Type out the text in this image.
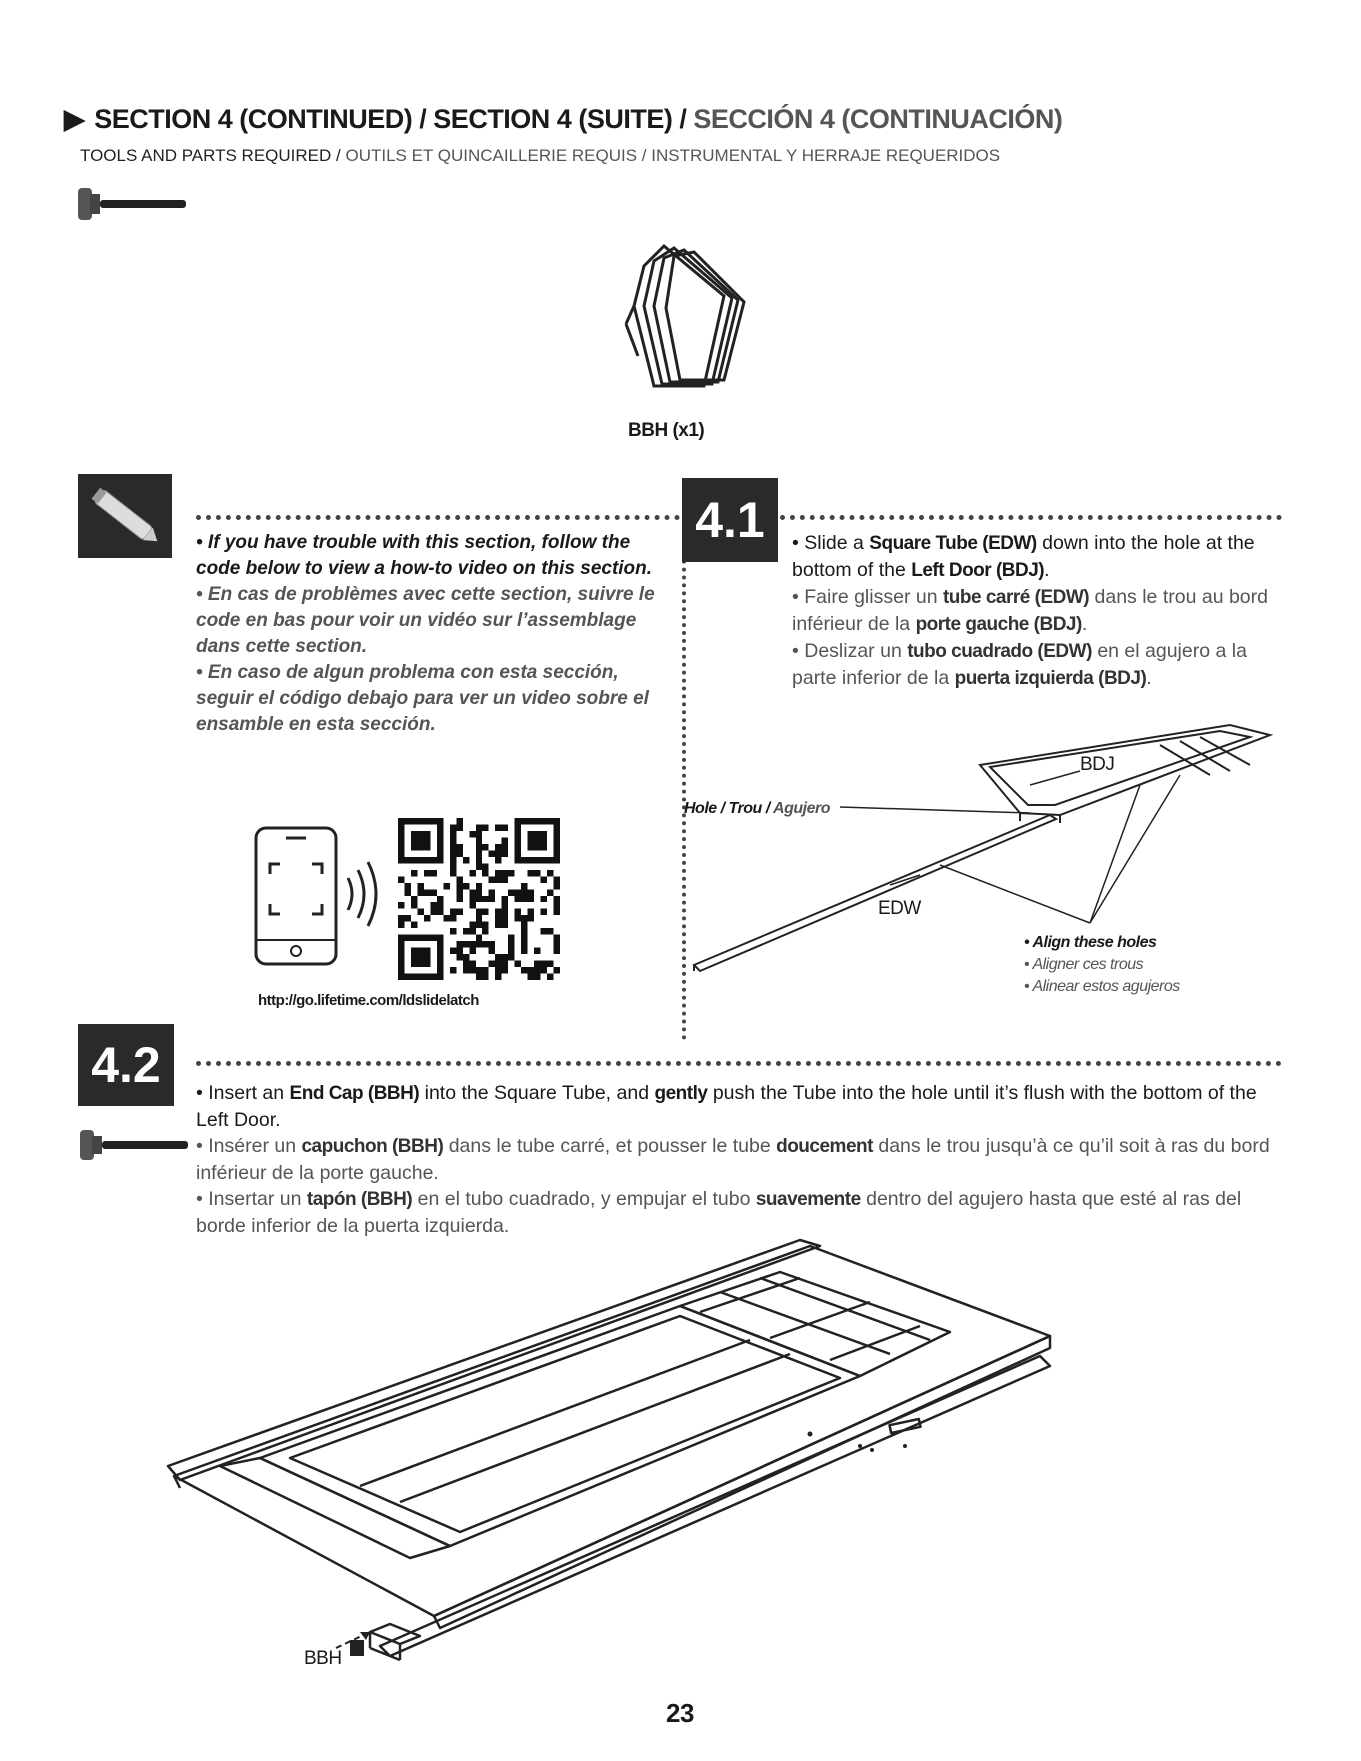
▶ SECTION 4 (CONTINUED) / SECTION 4 (SUITE) / SECCIÓN 4 (CONTINUACIÓN)
TOOLS AND PARTS REQUIRED / OUTILS ET QUINCAILLERIE REQUIS / INSTRUMENTAL Y HERRAJE REQUERIDOS
BBH (x1)
• If you have trouble with this section, follow the code below to view a how-to video on this section.
• En cas de problèmes avec cette section, suivre le code en bas pour voir un vidéo sur l’assemblage dans cette section.
• En caso de algun problema con esta sección, seguir el código debajo para ver un video sobre el ensamble en esta sección.
http://go.lifetime.com/ldslidelatch
4.1	• Slide a Square Tube (EDW) down into the hole at the bottom of the Left Door (BDJ).
• Faire glisser un tube carré (EDW) dans le trou au bord inférieur de la porte gauche (BDJ).
• Deslizar un tubo cuadrado (EDW) en el agujero a la parte inferior de la puerta izquierda (BDJ).
Hole / Trou / Agujero
BDJ
EDW
• Align these holes
• Aligner ces trous
• Alinear estos agujeros
4.2	• Insert an End Cap (BBH) into the Square Tube, and gently push the Tube into the hole until it’s flush with the bottom of the Left Door.
• Insérer un capuchon (BBH) dans le tube carré, et pousser le tube doucement dans le trou jusqu’à ce qu’il soit à ras du bord inférieur de la porte gauche.
• Insertar un tapón (BBH) en el tubo cuadrado, y empujar el tubo suavemente dentro del agujero hasta que esté al ras del borde inferior de la puerta izquierda.
BBH
23
